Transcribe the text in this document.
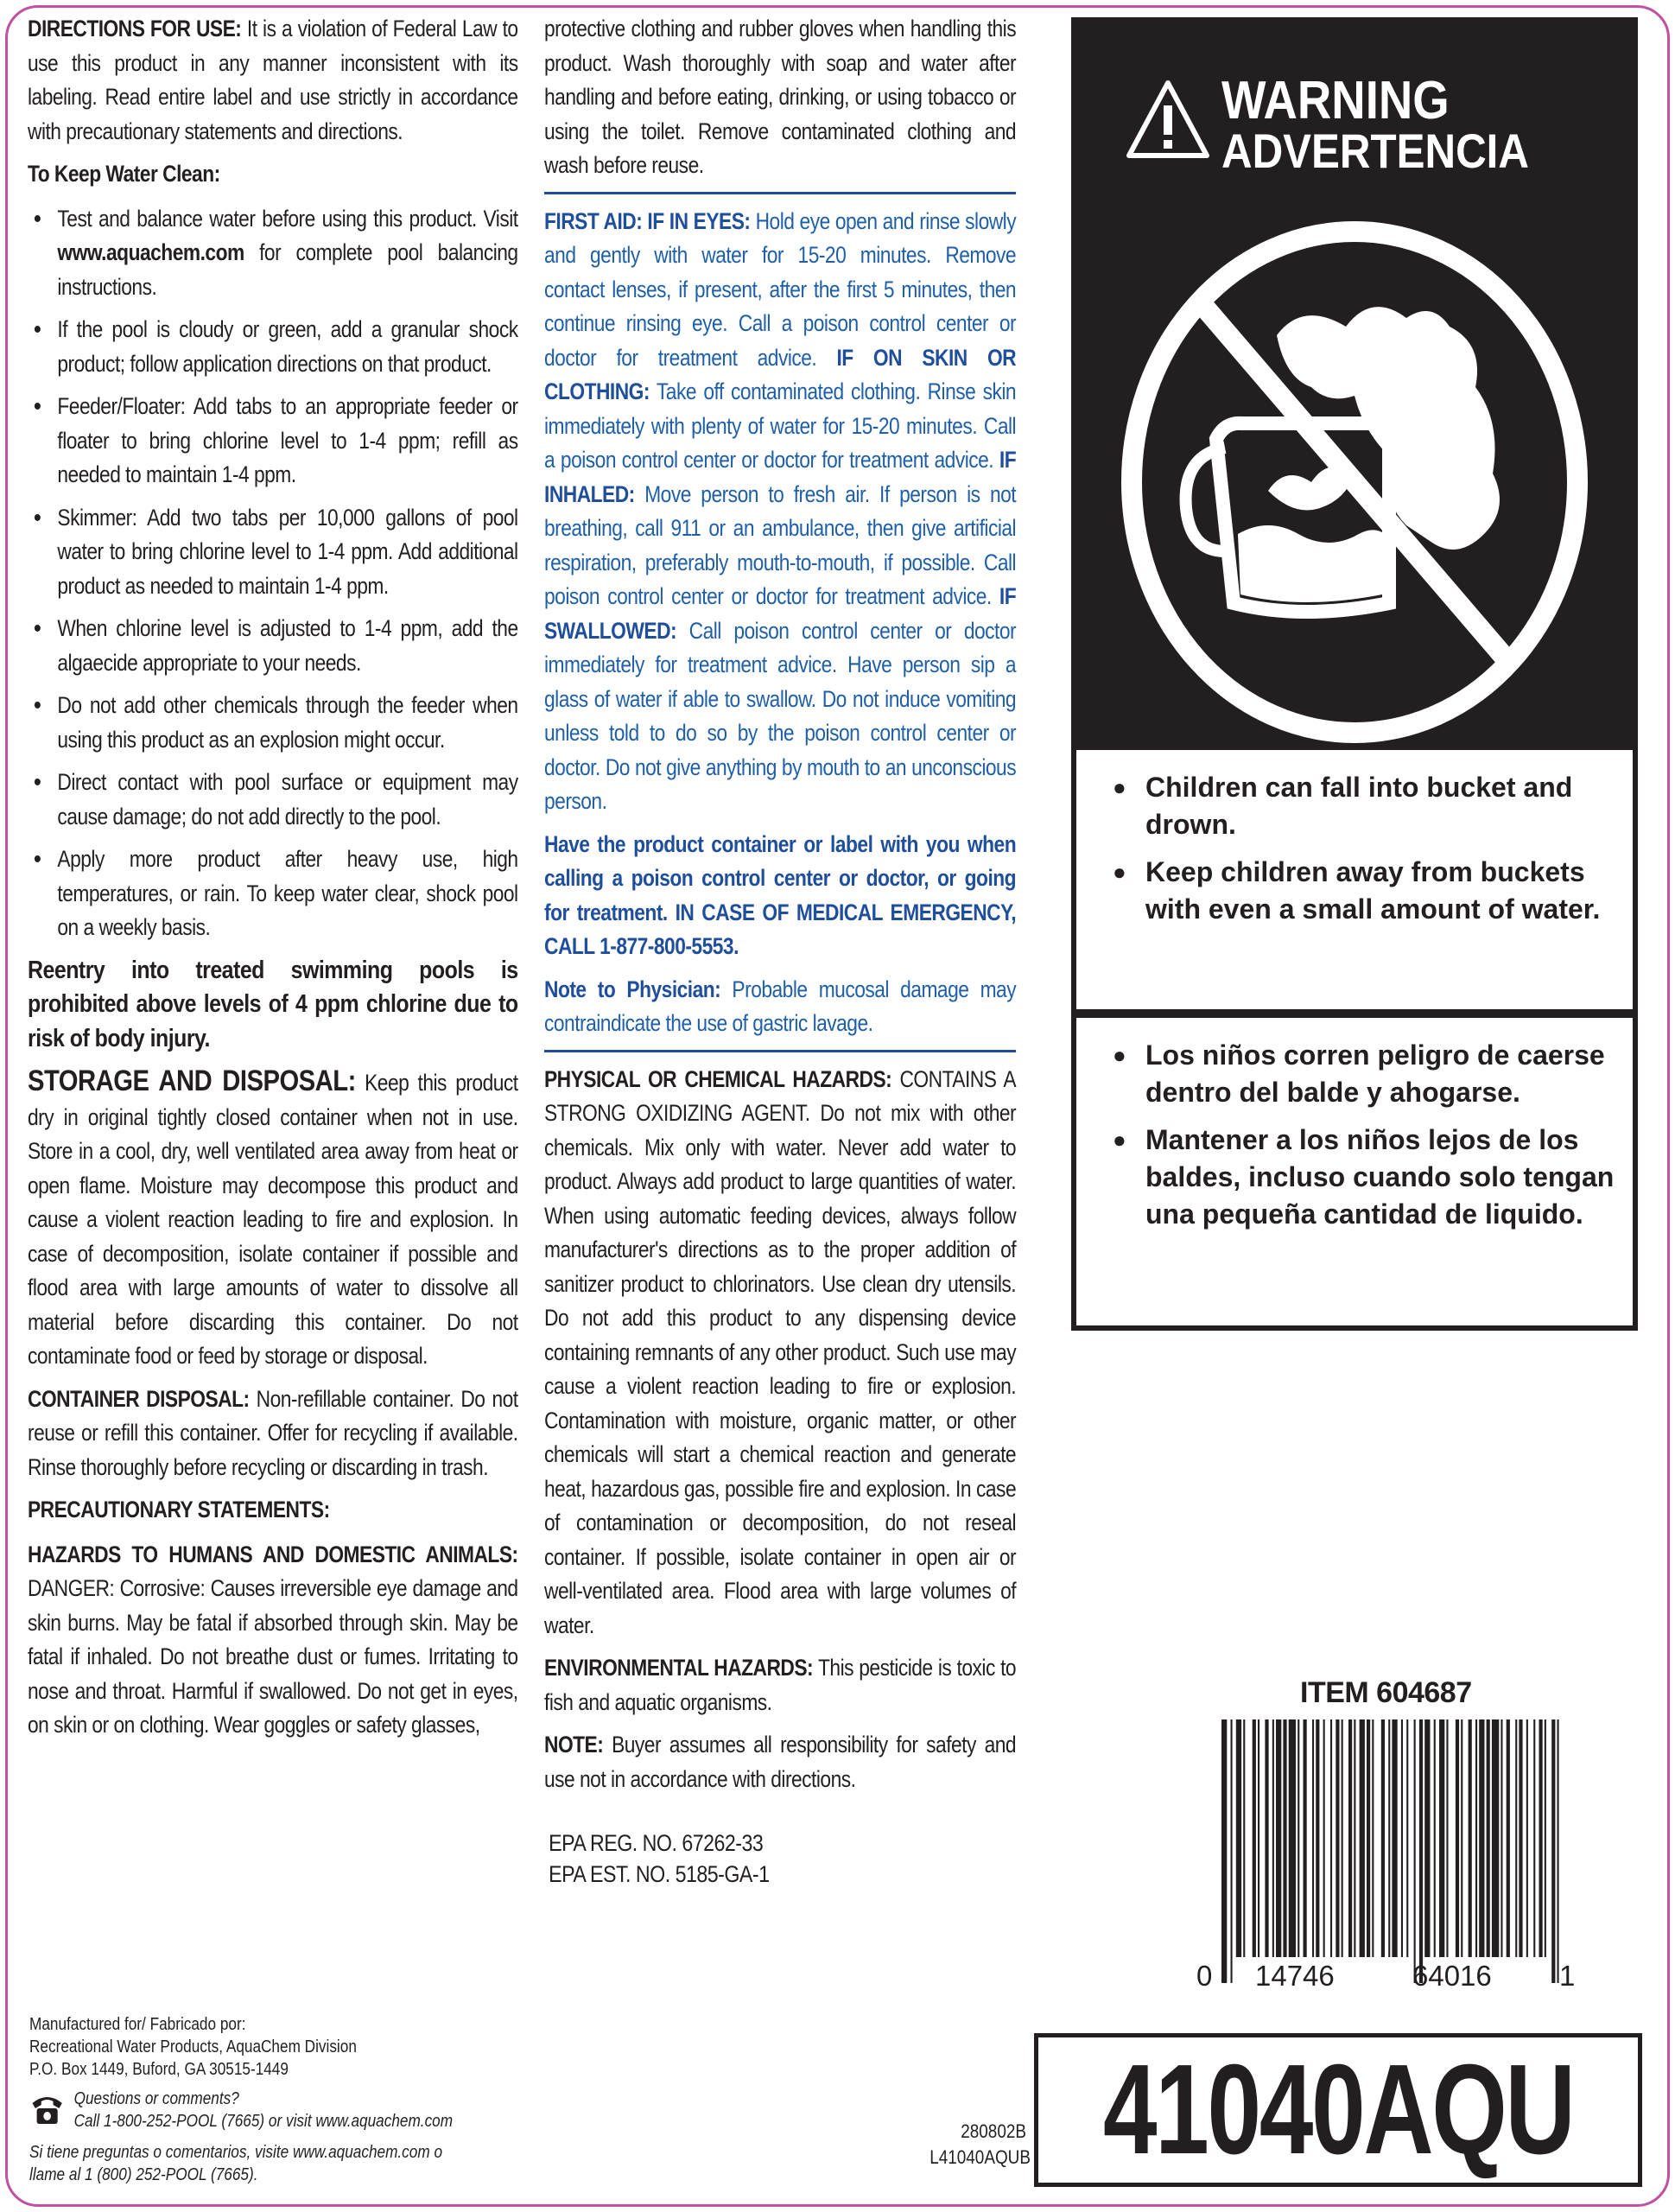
DIRECTIONS FOR USE: It is a violation of Federal Law to use this product in any manner inconsistent with its labeling. Read entire label and use strictly in accordance with precautionary statements and directions.

To Keep Water Clean:
• Test and balance water before using this product. Visit www.aquachem.com for complete pool balancing instructions.
• If the pool is cloudy or green, add a granular shock product; follow application directions on that product.
• Feeder/Floater: Add tabs to an appropriate feeder or floater to bring chlorine level to 1-4 ppm; refill as needed to maintain 1-4 ppm.
• Skimmer: Add two tabs per 10,000 gallons of pool water to bring chlorine level to 1-4 ppm. Add additional product as needed to maintain 1-4 ppm.
• When chlorine level is adjusted to 1-4 ppm, add the algaecide appropriate to your needs.
• Do not add other chemicals through the feeder when using this product as an explosion might occur.
• Direct contact with pool surface or equipment may cause damage; do not add directly to the pool.
• Apply more product after heavy use, high temperatures, or rain. To keep water clear, shock pool on a weekly basis.

Reentry into treated swimming pools is prohibited above levels of 4 ppm chlorine due to risk of body injury.

STORAGE AND DISPOSAL: Keep this product dry in original tightly closed container when not in use. Store in a cool, dry, well ventilated area away from heat or open flame. Moisture may decompose this product and cause a violent reaction leading to fire and explosion. In case of decomposition, isolate container if possible and flood area with large amounts of water to dissolve all material before discarding this container. Do not contaminate food or feed by storage or disposal.

CONTAINER DISPOSAL: Non-refillable container. Do not reuse or refill this container. Offer for recycling if available. Rinse thoroughly before recycling or discarding in trash.

PRECAUTIONARY STATEMENTS:

HAZARDS TO HUMANS AND DOMESTIC ANIMALS: DANGER: Corrosive: Causes irreversible eye damage and skin burns. May be fatal if absorbed through skin. May be fatal if inhaled. Do not breathe dust or fumes. Irritating to nose and throat. Harmful if swallowed. Do not get in eyes, on skin or on clothing. Wear goggles or safety glasses,

protective clothing and rubber gloves when handling this product. Wash thoroughly with soap and water after handling and before eating, drinking, or using tobacco or using the toilet. Remove contaminated clothing and wash before reuse.

FIRST AID: IF IN EYES: Hold eye open and rinse slowly and gently with water for 15-20 minutes. Remove contact lenses, if present, after the first 5 minutes, then continue rinsing eye. Call a poison control center or doctor for treatment advice. IF ON SKIN OR CLOTHING: Take off contaminated clothing. Rinse skin immediately with plenty of water for 15-20 minutes. Call a poison control center or doctor for treatment advice. IF INHALED: Move person to fresh air. If person is not breathing, call 911 or an ambulance, then give artificial respiration, preferably mouth-to-mouth, if possible. Call poison control center or doctor for treatment advice. IF SWALLOWED: Call poison control center or doctor immediately for treatment advice. Have person sip a glass of water if able to swallow. Do not induce vomiting unless told to do so by the poison control center or doctor. Do not give anything by mouth to an unconscious person.

Have the product container or label with you when calling a poison control center or doctor, or going for treatment. IN CASE OF MEDICAL EMERGENCY, CALL 1-877-800-5553.

Note to Physician: Probable mucosal damage may contraindicate the use of gastric lavage.

PHYSICAL OR CHEMICAL HAZARDS: CONTAINS A STRONG OXIDIZING AGENT. Do not mix with other chemicals. Mix only with water. Never add water to product. Always add product to large quantities of water. When using automatic feeding devices, always follow manufacturer's directions as to the proper addition of sanitizer product to chlorinators. Use clean dry utensils. Do not add this product to any dispensing device containing remnants of any other product. Such use may cause a violent reaction leading to fire or explosion. Contamination with moisture, organic matter, or other chemicals will start a chemical reaction and generate heat, hazardous gas, possible fire and explosion. In case of contamination or decomposition, do not reseal container. If possible, isolate container in open air or well-ventilated area. Flood area with large volumes of water.

ENVIRONMENTAL HAZARDS: This pesticide is toxic to fish and aquatic organisms.

NOTE: Buyer assumes all responsibility for safety and use not in accordance with directions.

EPA REG. NO. 67262-33
EPA EST. NO. 5185-GA-1
Manufactured for/ Fabricado por:
Recreational Water Products, AquaChem Division
P.O. Box 1449, Buford, GA 30515-1449
Questions or comments?
Call 1-800-252-POOL (7665) or visit www.aquachem.com
Si tiene preguntas o comentarios, visite www.aquachem.com o llame al 1 (800) 252-POOL (7665).
WARNING
ADVERTENCIA
● Children can fall into bucket and drown.
● Keep children away from buckets with even a small amount of water.
● Los niños corren peligro de caerse dentro del balde y ahogarse.
● Mantener a los niños lejos de los baldes, incluso cuando solo tengan una pequeña cantidad de liquido.
ITEM 604687
0 14746	64016 1
280802B
L41040AQUB 41040AQU
